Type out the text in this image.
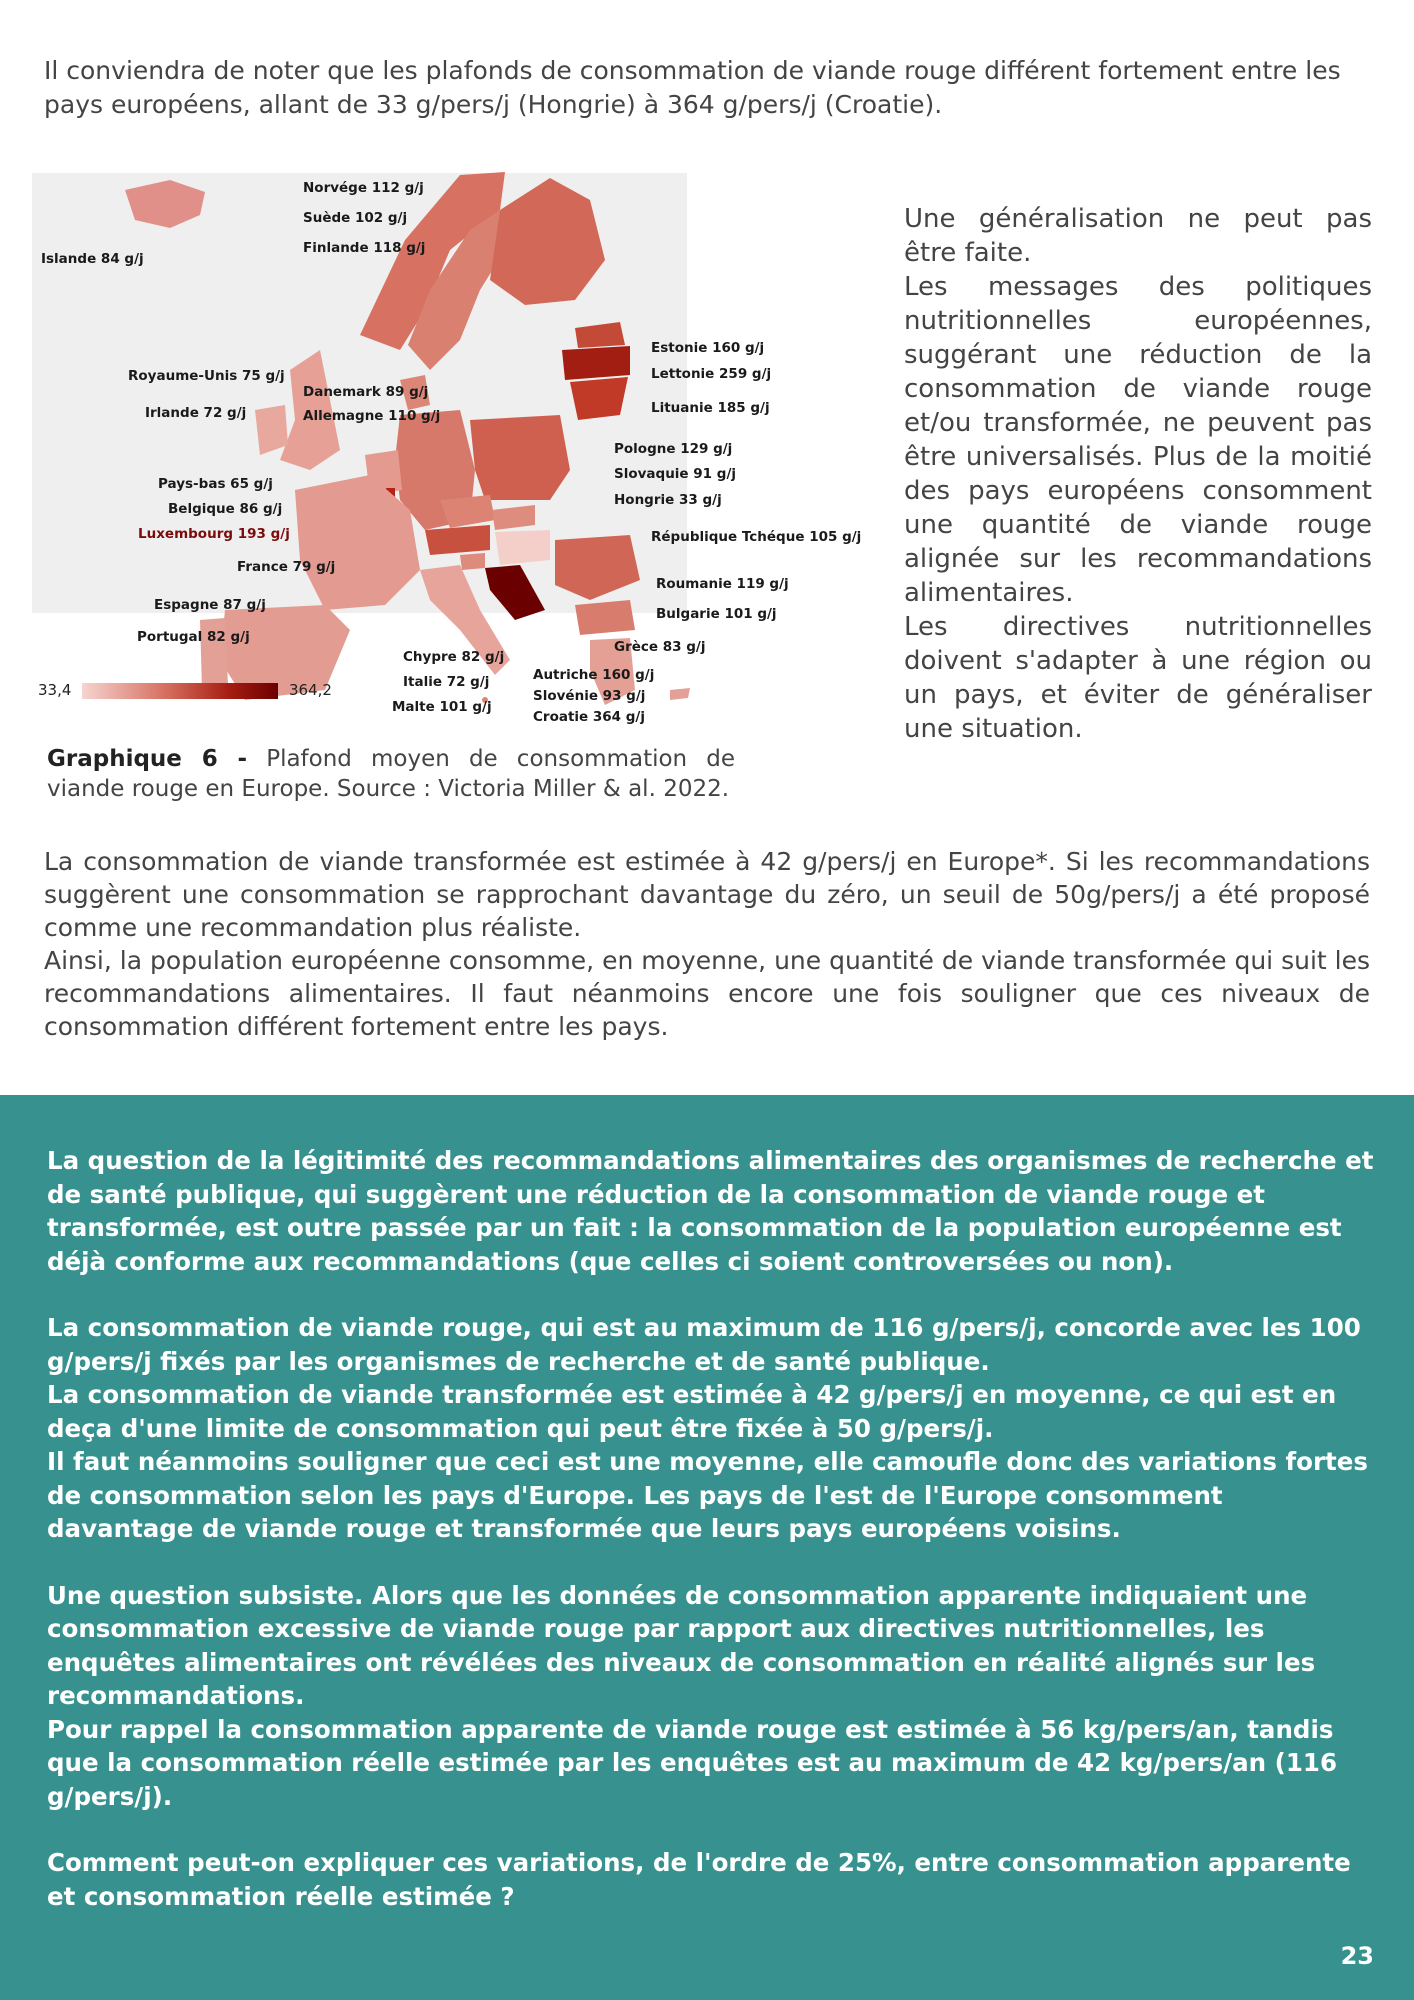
Il conviendra de noter que les plafonds de consommation de viande rouge différent fortement entre les pays européens, allant de 33 g/pers/j (Hongrie) à 364 g/pers/j (Croatie).

Norvége 112 g/j
Suède 102 g/j
Finlande 118 g/j
Islande 84 g/j
Royaume-Unis 75 g/j
Danemark 89 g/j
Allemagne 110 g/j
Irlande 72 g/j
Pays-bas 65 g/j
Belgique 86 g/j
Luxembourg 193 g/j
France 79 g/j
Espagne 87 g/j
Portugal 82 g/j
Chypre 82 g/j
Italie 72 g/j
Malte 101 g/j
Autriche 160 g/j
Slovénie 93 g/j
Croatie 364 g/j
Estonie 160 g/j
Lettonie 259 g/j
Lituanie 185 g/j
Pologne 129 g/j
Slovaquie 91 g/j
Hongrie 33 g/j
République Tchéque 105 g/j
Roumanie 119 g/j
Bulgarie 101 g/j
Grèce 83 g/j
33,4	364,2
Graphique 6 - Plafond moyen de consommation de viande rouge en Europe. Source : Victoria Miller & al. 2022.

Une généralisation ne peut pas être faite.

Les messages des politiques nutritionnelles européennes, suggérant une réduction de la consommation de viande rouge et/ou transformée, ne peuvent pas être universalisés. Plus de la moitié des pays européens consomment une quantité de viande rouge alignée sur les recommandations alimentaires.

Les directives nutritionnelles doivent s'adapter à une région ou un pays, et éviter de généraliser une situation.

La consommation de viande transformée est estimée à 42 g/pers/j en Europe*. Si les recommandations suggèrent une consommation se rapprochant davantage du zéro, un seuil de 50g/pers/j a été proposé comme une recommandation plus réaliste.

Ainsi, la population européenne consomme, en moyenne, une quantité de viande transformée qui suit les recommandations alimentaires. Il faut néanmoins encore une fois souligner que ces niveaux de consommation différent fortement entre les pays.

La question de la légitimité des recommandations alimentaires des organismes de recherche et de santé publique, qui suggèrent une réduction de la consommation de viande rouge et transformée, est outre passée par un fait : la consommation de la population européenne est déjà conforme aux recommandations (que celles ci soient controversées ou non).

La consommation de viande rouge, qui est au maximum de 116 g/pers/j, concorde avec les 100 g/pers/j fixés par les organismes de recherche et de santé publique.

La consommation de viande transformée est estimée à 42 g/pers/j en moyenne, ce qui est en deça d'une limite de consommation qui peut être fixée à 50 g/pers/j.

Il faut néanmoins souligner que ceci est une moyenne, elle camoufle donc des variations fortes de consommation selon les pays d'Europe. Les pays de l'est de l'Europe consomment davantage de viande rouge et transformée que leurs pays européens voisins.

Une question subsiste. Alors que les données de consommation apparente indiquaient une consommation excessive de viande rouge par rapport aux directives nutritionnelles, les enquêtes alimentaires ont révélées des niveaux de consommation en réalité alignés sur les recommandations.

Pour rappel la consommation apparente de viande rouge est estimée à 56 kg/pers/an, tandis que la consommation réelle estimée par les enquêtes est au maximum de 42 kg/pers/an (116 g/pers/j).

Comment peut-on expliquer ces variations, de l'ordre de 25%, entre consommation apparente et consommation réelle estimée ?

23
